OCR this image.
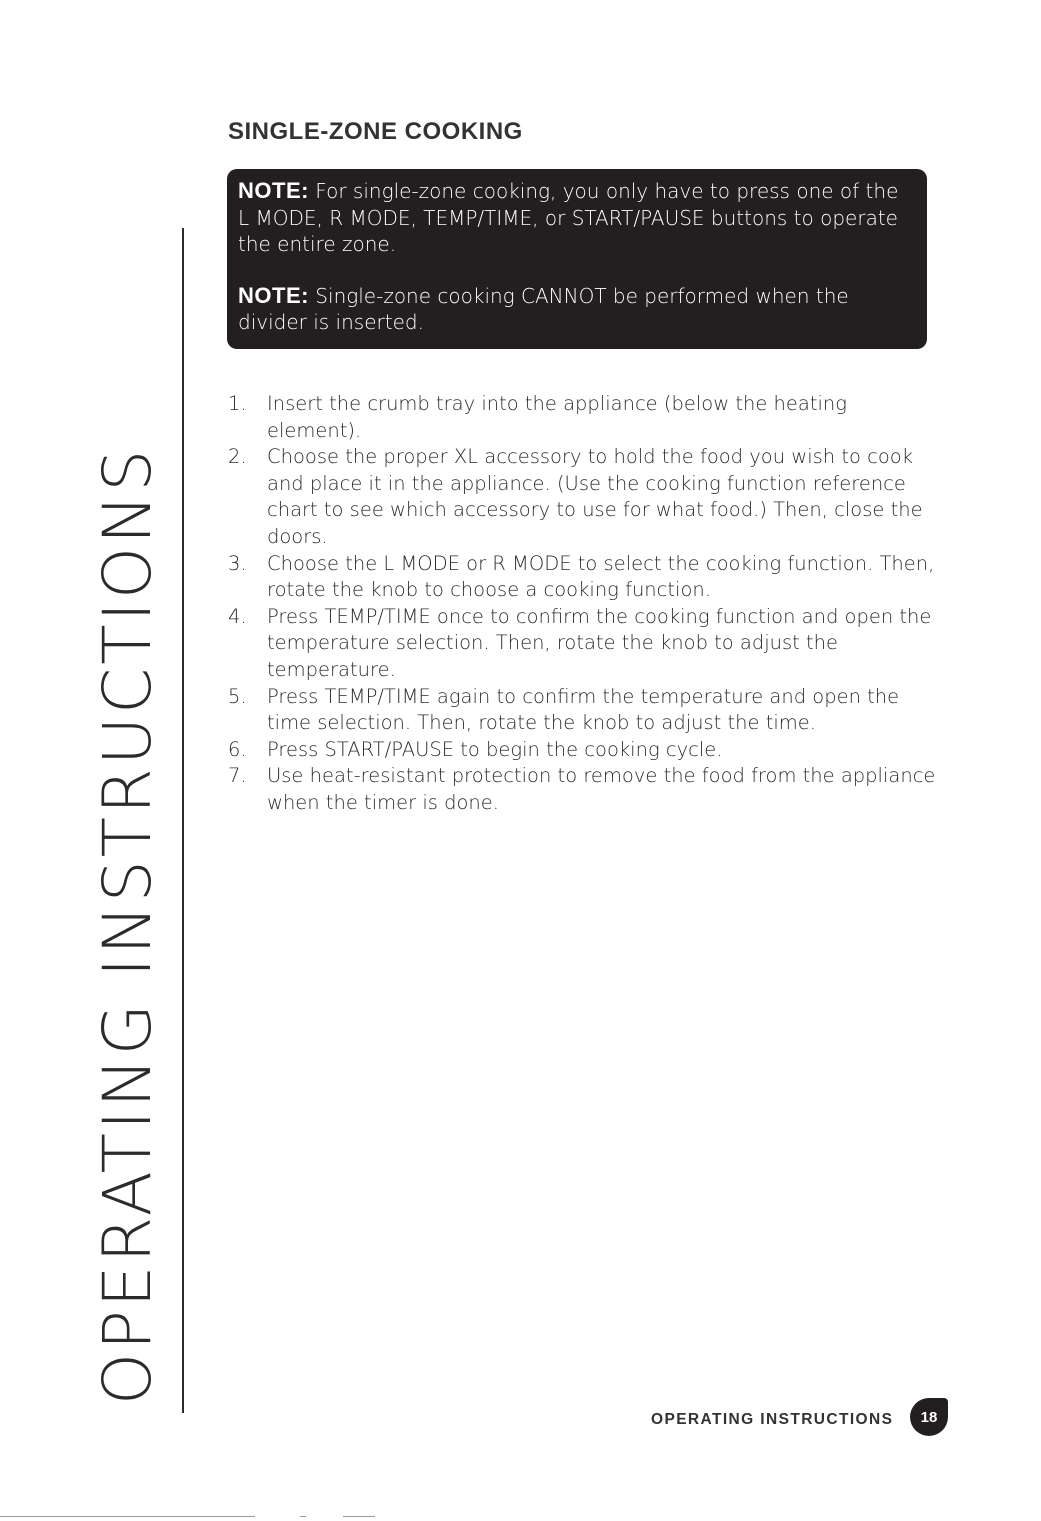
OPERATING INSTRUCTIONS
SINGLE-ZONE COOKING

NOTE: For single-zone cooking, you only have to press one of the L MODE, R MODE, TEMP/TIME, or START/PAUSE buttons to operate the entire zone.

NOTE: Single-zone cooking CANNOT be performed when the divider is inserted.

1.	Insert the crumb tray into the appliance (below the heating element).
2.	Choose the proper XL accessory to hold the food you wish to cook and place it in the appliance. (Use the cooking function reference chart to see which accessory to use for what food.) Then, close the doors.
3.	Choose the L MODE or R MODE to select the cooking function. Then, rotate the knob to choose a cooking function.
4.	Press TEMP/TIME once to confirm the cooking function and open the temperature selection. Then, rotate the knob to adjust the temperature.
5.	Press TEMP/TIME again to confirm the temperature and open the time selection. Then, rotate the knob to adjust the time.
6.	Press START/PAUSE to begin the cooking cycle.
7.	Use heat-resistant protection to remove the food from the appliance when the timer is done.
OPERATING INSTRUCTIONS	18
